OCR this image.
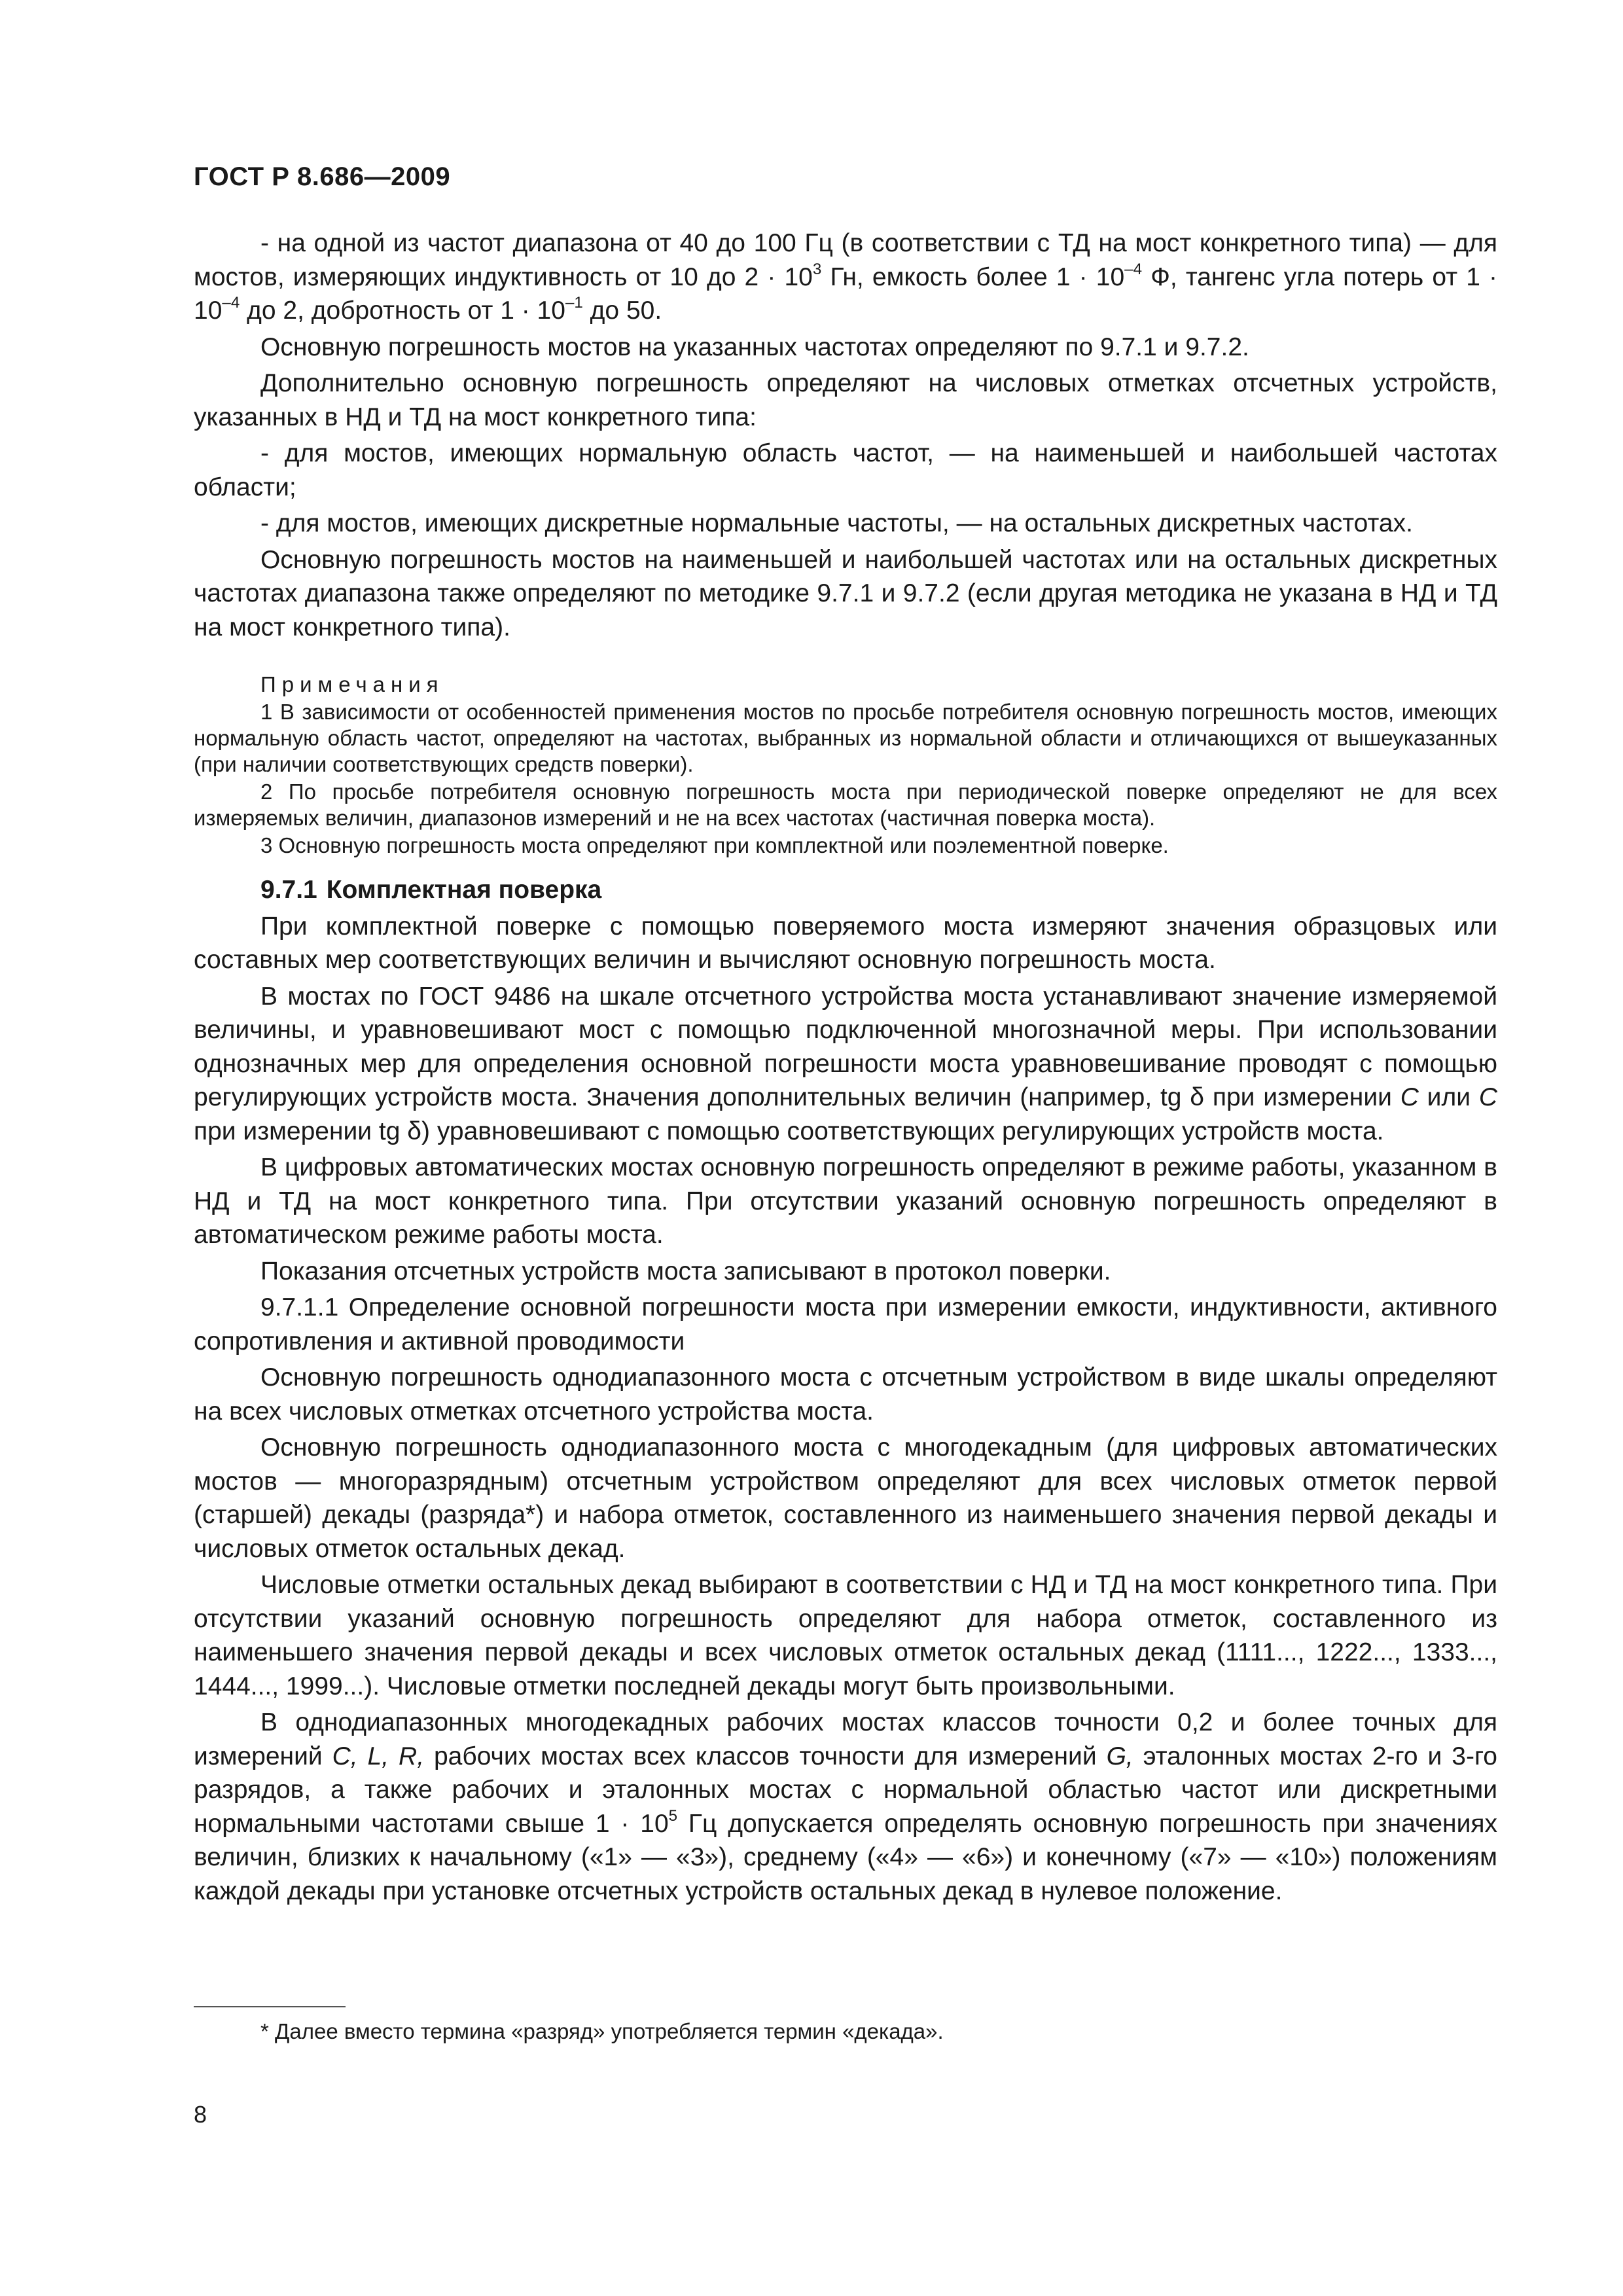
ГОСТ Р 8.686—2009

- на одной из частот диапазона от 40 до 100 Гц (в соответствии с ТД на мост конкретного типа) — для мостов, измеряющих индуктивность от 10 до $2 \cdot 10^3$ Гн, емкость более $1 \cdot 10^{-4}$ Ф, тангенс угла потерь от $1 \cdot 10^{-4}$ до 2, добротность от $1 \cdot 10^{-1}$ до 50.

Основную погрешность мостов на указанных частотах определяют по 9.7.1 и 9.7.2.

Дополнительно основную погрешность определяют на числовых отметках отсчетных устройств, указанных в НД и ТД на мост конкретного типа:

- для мостов, имеющих нормальную область частот, — на наименьшей и наибольшей частотах области;

- для мостов, имеющих дискретные нормальные частоты, — на остальных дискретных частотах.

Основную погрешность мостов на наименьшей и наибольшей частотах или на остальных дискретных частотах диапазона также определяют по методике 9.7.1 и 9.7.2 (если другая методика не указана в НД и ТД на мост конкретного типа).

Примечания

1 В зависимости от особенностей применения мостов по просьбе потребителя основную погрешность мостов, имеющих нормальную область частот, определяют на частотах, выбранных из нормальной области и отличающихся от вышеуказанных (при наличии соответствующих средств поверки).

2 По просьбе потребителя основную погрешность моста при периодической поверке определяют не для всех измеряемых величин, диапазонов измерений и не на всех частотах (частичная поверка моста).

3 Основную погрешность моста определяют при комплектной или поэлементной поверке.

9.7.1 Комплектная поверка

При комплектной поверке с помощью поверяемого моста измеряют значения образцовых или составных мер соответствующих величин и вычисляют основную погрешность моста.

В мостах по ГОСТ 9486 на шкале отсчетного устройства моста устанавливают значение измеряемой величины, и уравновешивают мост с помощью подключенной многозначной меры. При использовании однозначных мер для определения основной погрешности моста уравновешивание проводят с помощью регулирующих устройств моста. Значения дополнительных величин (например, tg δ при измерении C или C при измерении tg δ) уравновешивают с помощью соответствующих регулирующих устройств моста.

В цифровых автоматических мостах основную погрешность определяют в режиме работы, указанном в НД и ТД на мост конкретного типа. При отсутствии указаний основную погрешность определяют в автоматическом режиме работы моста.

Показания отсчетных устройств моста записывают в протокол поверки.

9.7.1.1 Определение основной погрешности моста при измерении емкости, индуктивности, активного сопротивления и активной проводимости

Основную погрешность однодиапазонного моста с отсчетным устройством в виде шкалы определяют на всех числовых отметках отсчетного устройства моста.

Основную погрешность однодиапазонного моста с многодекадным (для цифровых автоматических мостов — многоразрядным) отсчетным устройством определяют для всех числовых отметок первой (старшей) декады (разряда*) и набора отметок, составленного из наименьшего значения первой декады и числовых отметок остальных декад.

Числовые отметки остальных декад выбирают в соответствии с НД и ТД на мост конкретного типа. При отсутствии указаний основную погрешность определяют для набора отметок, составленного из наименьшего значения первой декады и всех числовых отметок остальных декад (1111..., 1222..., 1333..., 1444..., 1999...). Числовые отметки последней декады могут быть произвольными.

В однодиапазонных многодекадных рабочих мостах классов точности 0,2 и более точных для измерений C, L, R, рабочих мостах всех классов точности для измерений G, эталонных мостах 2-го и 3-го разрядов, а также рабочих и эталонных мостах с нормальной областью частот или дискретными нормальными частотами свыше $1 \cdot 10^5$ Гц допускается определять основную погрешность при значениях величин, близких к начальному («1» — «3»), среднему («4» — «6») и конечному («7» — «10») положениям каждой декады при установке отсчетных устройств остальных декад в нулевое положение.

* Далее вместо термина «разряд» употребляется термин «декада».
8
